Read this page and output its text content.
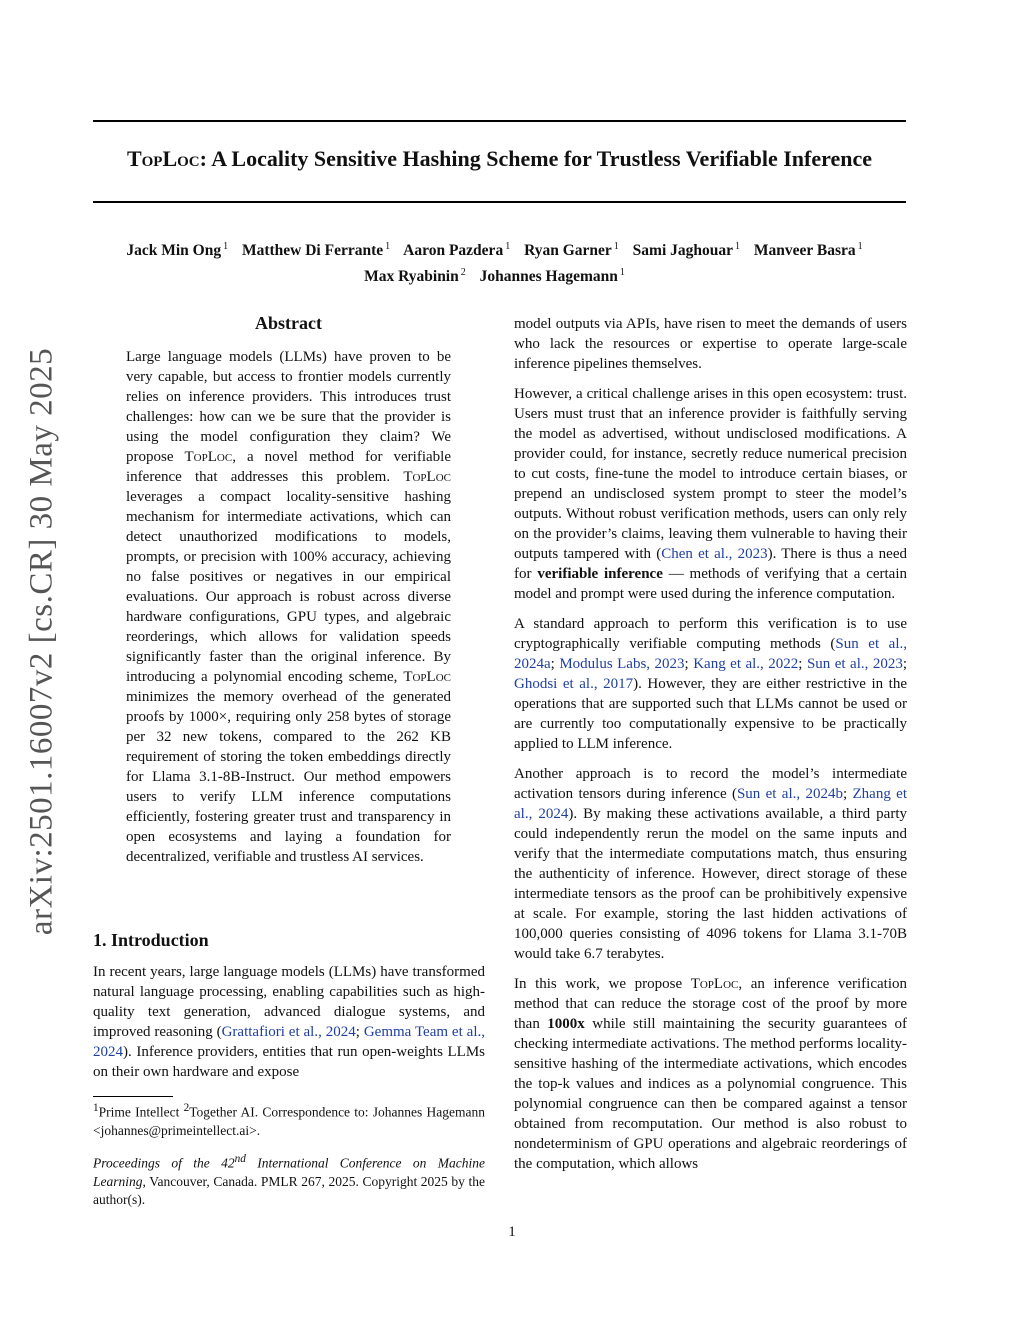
TopLoc: A Locality Sensitive Hashing Scheme for Trustless Verifiable Inference
Jack Min Ong $^1$ Matthew Di Ferrante $^1$ Aaron Pazdera $^1$ Ryan Garner $^1$ Sami Jaghouar $^1$ Manveer Basra $^1$
Max Ryabinin $^2$ Johannes Hagemann $^1$
arXiv:2501.16007v2 [cs.CR] 30 May 2025
Abstract

Large language models (LLMs) have proven to be very capable, but access to frontier models currently relies on inference providers. This introduces trust challenges: how can we be sure that the provider is using the model configuration they claim? We propose TopLoc, a novel method for verifiable inference that addresses this problem. TopLoc leverages a compact locality-sensitive hashing mechanism for intermediate activations, which can detect unauthorized modifications to models, prompts, or precision with 100% accuracy, achieving no false positives or negatives in our empirical evaluations. Our approach is robust across diverse hardware configurations, GPU types, and algebraic reorderings, which allows for validation speeds significantly faster than the original inference. By introducing a polynomial encoding scheme, TopLoc minimizes the memory overhead of the generated proofs by 1000×, requiring only 258 bytes of storage per 32 new tokens, compared to the 262 KB requirement of storing the token embeddings directly for Llama 3.1-8B-Instruct. Our method empowers users to verify LLM inference computations efficiently, fostering greater trust and transparency in open ecosystems and laying a foundation for decentralized, verifiable and trustless AI services.

1. Introduction

In recent years, large language models (LLMs) have transformed natural language processing, enabling capabilities such as high-quality text generation, advanced dialogue systems, and improved reasoning (Grattafiori et al., 2024; Gemma Team et al., 2024). Inference providers, entities that run open-weights LLMs on their own hardware and expose

model outputs via APIs, have risen to meet the demands of users who lack the resources or expertise to operate large-scale inference pipelines themselves.

However, a critical challenge arises in this open ecosystem: trust. Users must trust that an inference provider is faithfully serving the model as advertised, without undisclosed modifications. A provider could, for instance, secretly reduce numerical precision to cut costs, fine-tune the model to introduce certain biases, or prepend an undisclosed system prompt to steer the model’s outputs. Without robust verification methods, users can only rely on the provider’s claims, leaving them vulnerable to having their outputs tampered with (Chen et al., 2023). There is thus a need for verifiable inference — methods of verifying that a certain model and prompt were used during the inference computation.

A standard approach to perform this verification is to use cryptographically verifiable computing methods (Sun et al., 2024a; Modulus Labs, 2023; Kang et al., 2022; Sun et al., 2023; Ghodsi et al., 2017). However, they are either restrictive in the operations that are supported such that LLMs cannot be used or are currently too computationally expensive to be practically applied to LLM inference.

Another approach is to record the model’s intermediate activation tensors during inference (Sun et al., 2024b; Zhang et al., 2024). By making these activations available, a third party could independently rerun the model on the same inputs and verify that the intermediate computations match, thus ensuring the authenticity of inference. However, direct storage of these intermediate tensors as the proof can be prohibitively expensive at scale. For example, storing the last hidden activations of 100,000 queries consisting of 4096 tokens for Llama 3.1-70B would take 6.7 terabytes.

In this work, we propose TopLoc, an inference verification method that can reduce the storage cost of the proof by more than 1000x while still maintaining the security guarantees of checking intermediate activations. The method performs locality-sensitive hashing of the intermediate activations, which encodes the top-k values and indices as a polynomial congruence. This polynomial congruence can then be compared against a tensor obtained from recomputation. Our method is also robust to nondeterminism of GPU operations and algebraic reorderings of the computation, which allows

$^1$Prime Intellect $^2$Together AI. Correspondence to: Johannes Hagemann <johannes@primeintellect.ai>.
Proceedings of the 42nd International Conference on Machine Learning, Vancouver, Canada. PMLR 267, 2025. Copyright 2025 by the author(s).
1
